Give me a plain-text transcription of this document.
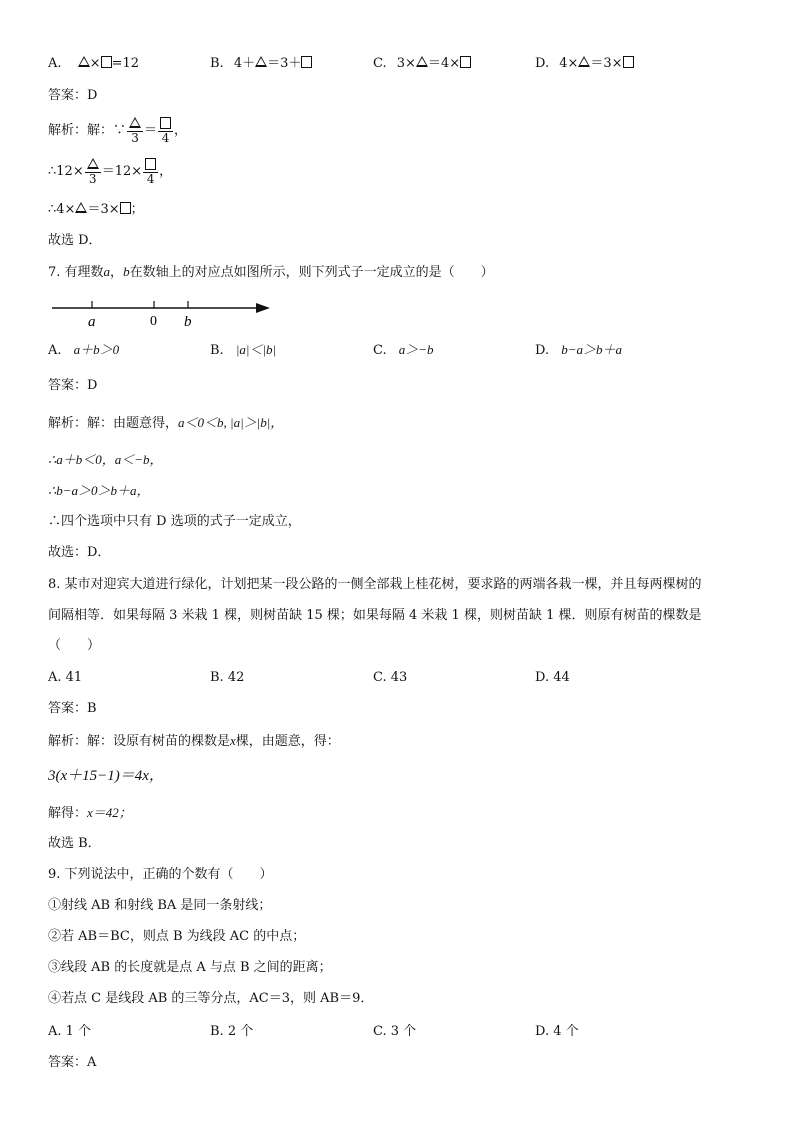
A. × =12	B. 4＋ ＝3＋	C. 3× ＝4×	D. 4× ＝3×
答案：D
解析：解：∵ 3 ＝ 4 ，
∴12× 3 ＝12× 4 ，
∴4× ＝3× ；
故选 D．
7. 有理数a，b在数轴上的对应点如图所示，则下列式子一定成立的是（　　）
a	0 b
A. a＋b＞0	B. |a|＜|b|	C. a＞−b	D. b−a＞b＋a
答案：D
解析：解：由题意得，a＜0＜b, |a|＞|b|，
∴a＋b＜0，a＜−b，
∴b−a＞0＞b＋a，
∴四个选项中只有 D 选项的式子一定成立，
故选：D．
8. 某市对迎宾大道进行绿化，计划把某一段公路的一侧全部栽上桂花树，要求路的两端各栽一棵，并且每两棵树的
间隔相等．如果每隔 3 米栽 1 棵，则树苗缺 15 棵；如果每隔 4 米栽 1 棵，则树苗缺 1 棵．则原有树苗的棵数是
（　　）
A. 41	B. 42	C. 43	D. 44
答案：B
解析：解：设原有树苗的棵数是x棵，由题意，得：
3(x＋15−1)＝4x，
解得：x＝42；
故选 B．
9. 下列说法中，正确的个数有（　　）
①射线 AB 和射线 BA 是同一条射线；
②若 AB＝BC，则点 B 为线段 AC 的中点；
③线段 AB 的长度就是点 A 与点 B 之间的距离；
④若点 C 是线段 AB 的三等分点，AC＝3，则 AB＝9．
A. 1 个	B. 2 个	C. 3 个	D. 4 个
答案：A
